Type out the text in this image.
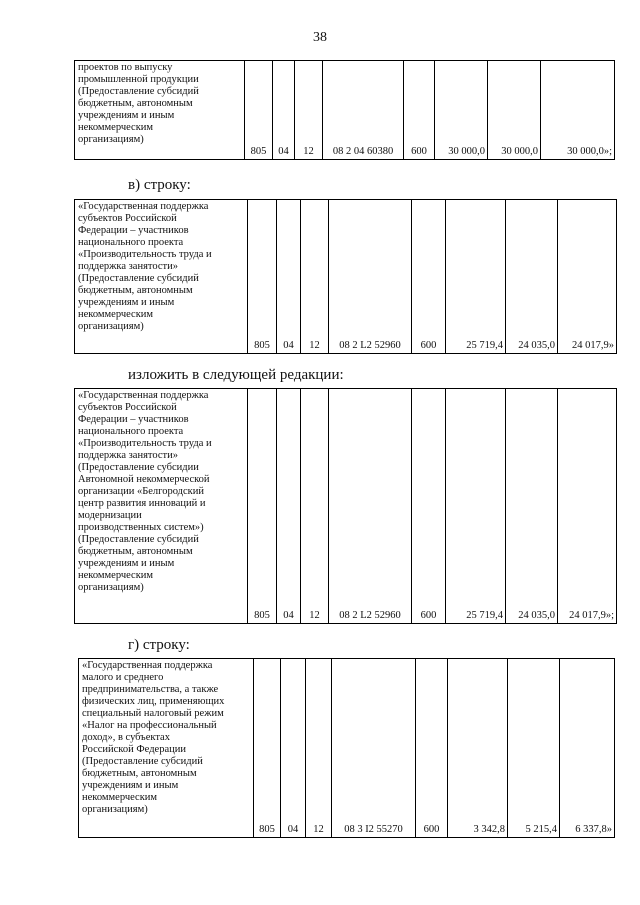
38
проектов по выпуску
промышленной продукции
(Предоставление субсидий
бюджетным, автономным
учреждениям и иным
некоммерческим
организациям)
	805	04	12	08 2 04 60380	600	30 000,0	30 000,0	30 000,0»;
в) строку:
«Государственная поддержка
субъектов Российской
Федерации – участников
национального проекта
«Производительность труда и
поддержка занятости»
(Предоставление субсидий
бюджетным, автономным
учреждениям и иным
некоммерческим
организациям)
	805	04	12	08 2 L2 52960	600	25 719,4	24 035,0	24 017,9»
изложить в следующей редакции:
«Государственная поддержка
субъектов Российской
Федерации – участников
национального проекта
«Производительность труда и
поддержка занятости»
(Предоставление субсидии
Автономной некоммерческой
организации «Белгородский
центр развития инноваций и
модернизации
производственных систем»)
(Предоставление субсидий
бюджетным, автономным
учреждениям и иным
некоммерческим
организациям)
	805	04	12	08 2 L2 52960	600	25 719,4	24 035,0	24 017,9»;
г) строку:
«Государственная поддержка
малого и среднего
предпринимательства, а также
физических лиц, применяющих
специальный налоговый режим
«Налог на профессиональный
доход», в субъектах
Российской Федерации
(Предоставление субсидий
бюджетным, автономным
учреждениям и иным
некоммерческим
организациям)
	805	04	12	08 3 I2 55270	600	3 342,8	5 215,4	6 337,8»
